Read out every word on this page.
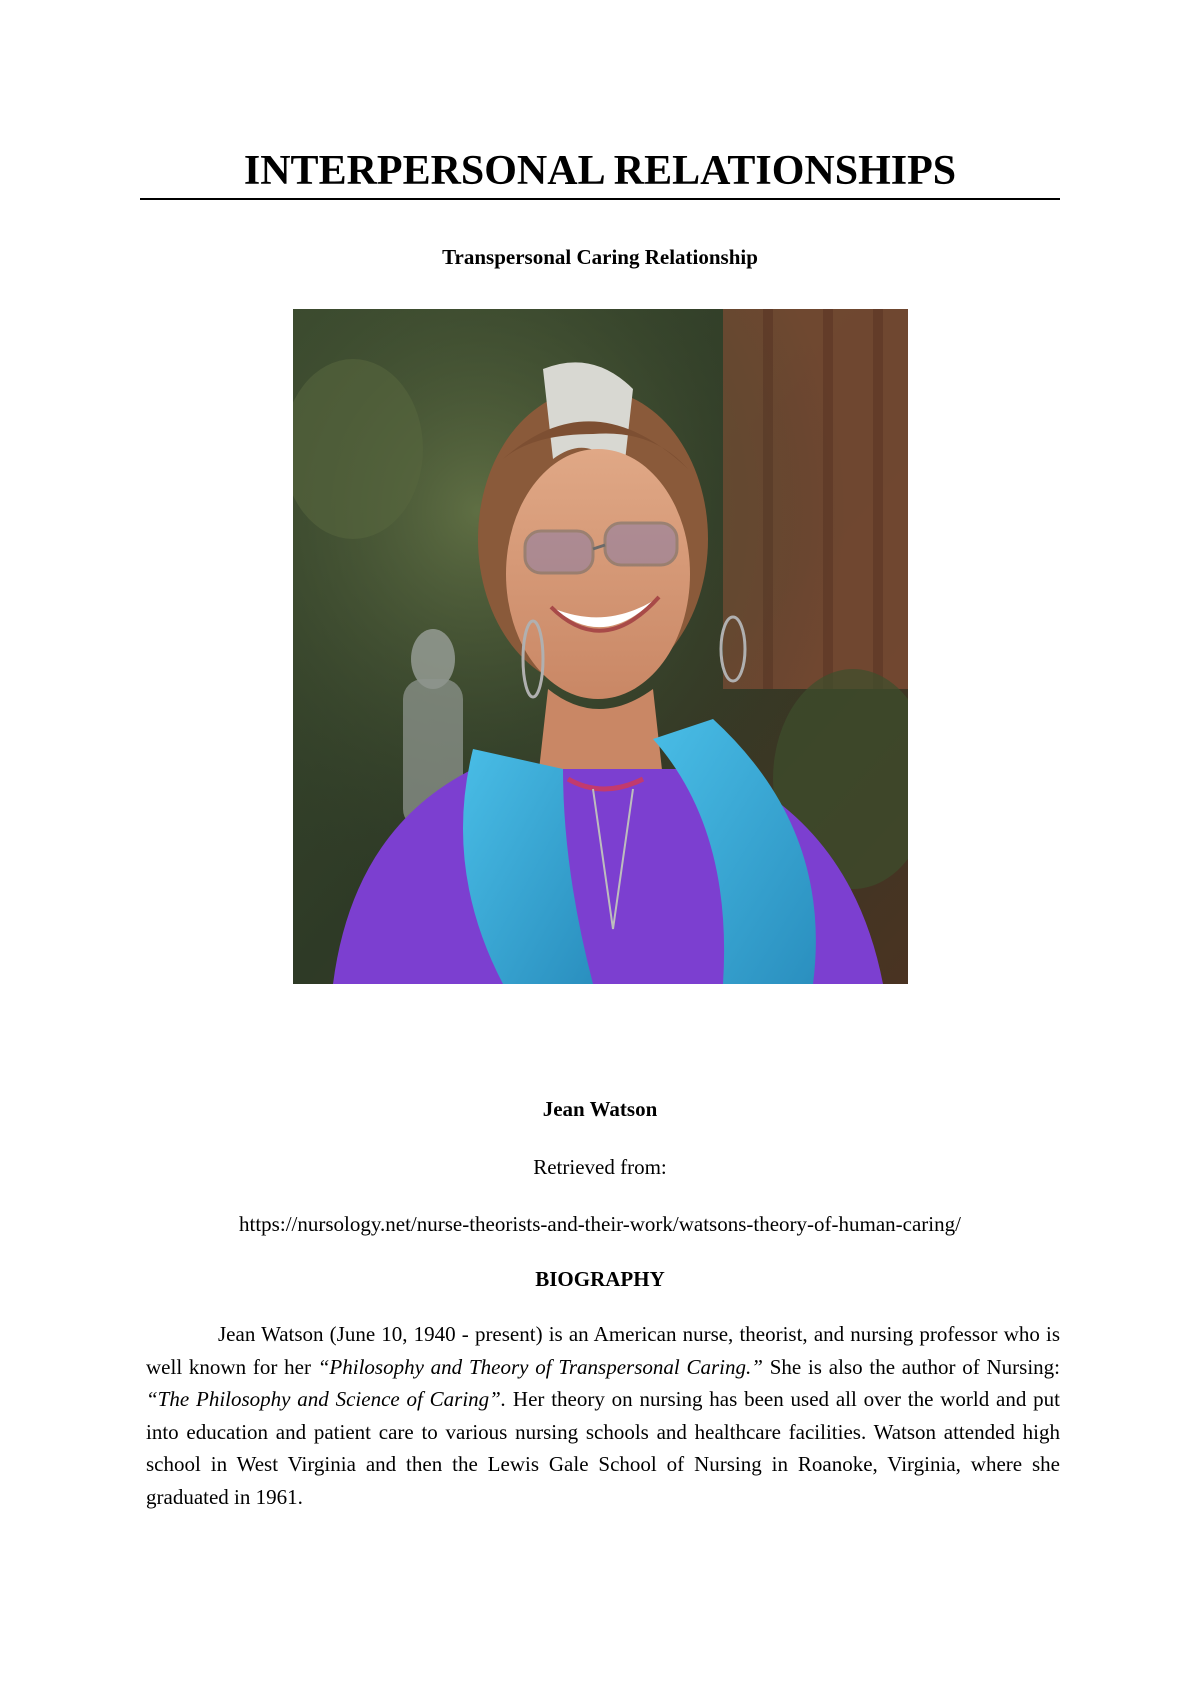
INTERPERSONAL RELATIONSHIPS

Transpersonal Caring Relationship

Jean Watson

Retrieved from:

https://nursology.net/nurse-theorists-and-their-work/watsons-theory-of-human-caring/

BIOGRAPHY

Jean Watson (June 10, 1940 - present) is an American nurse, theorist, and nursing professor who is well known for her “Philosophy and Theory of Transpersonal Caring.” She is also the author of Nursing: “The Philosophy and Science of Caring”. Her theory on nursing has been used all over the world and put into education and patient care to various nursing schools and healthcare facilities. Watson attended high school in West Virginia and then the Lewis Gale School of Nursing in Roanoke, Virginia, where she graduated in 1961.
